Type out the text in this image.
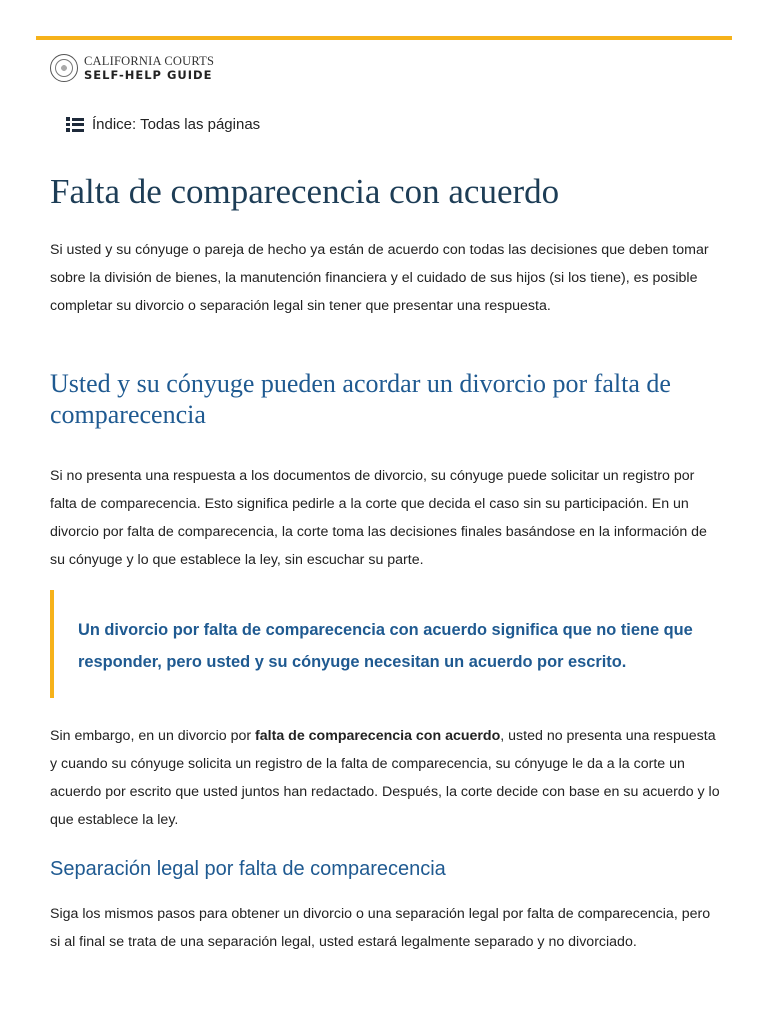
CALIFORNIA COURTS
SELF-HELP GUIDE
Índice: Todas las páginas
Falta de comparecencia con acuerdo

Si usted y su cónyuge o pareja de hecho ya están de acuerdo con todas las decisiones que deben tomar sobre la división de bienes, la manutención financiera y el cuidado de sus hijos (si los tiene), es posible completar su divorcio o separación legal sin tener que presentar una respuesta.

Usted y su cónyuge pueden acordar un divorcio por falta de comparecencia

Si no presenta una respuesta a los documentos de divorcio, su cónyuge puede solicitar un registro por falta de comparecencia. Esto significa pedirle a la corte que decida el caso sin su participación. En un divorcio por falta de comparecencia, la corte toma las decisiones finales basándose en la información de su cónyuge y lo que establece la ley, sin escuchar su parte.

Un divorcio por falta de comparecencia con acuerdo significa que no tiene que responder, pero usted y su cónyuge necesitan un acuerdo por escrito.

Sin embargo, en un divorcio por falta de comparecencia con acuerdo, usted no presenta una respuesta y cuando su cónyuge solicita un registro de la falta de comparecencia, su cónyuge le da a la corte un acuerdo por escrito que usted juntos han redactado. Después, la corte decide con base en su acuerdo y lo que establece la ley.

Separación legal por falta de comparecencia

Siga los mismos pasos para obtener un divorcio o una separación legal por falta de comparecencia, pero si al final se trata de una separación legal, usted estará legalmente separado y no divorciado.
